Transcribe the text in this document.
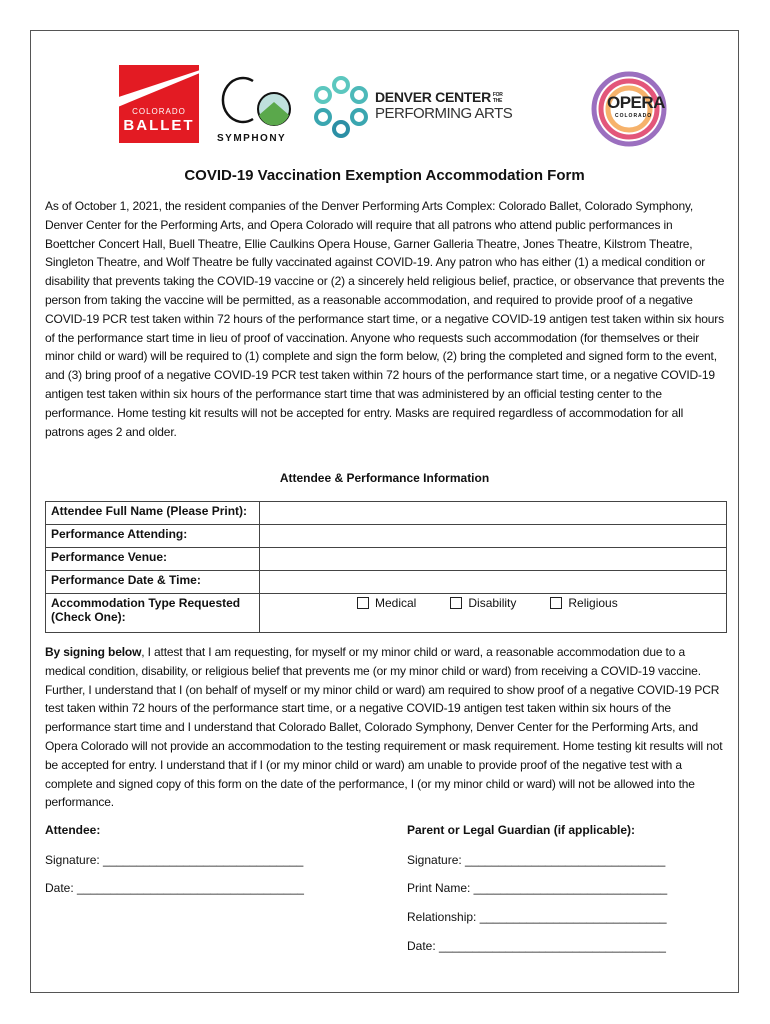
COLORADO
BALLET
SYMPHONY
DENVER CENTER FOR THE
PERFORMING ARTS
OPERA
COLORADO
COVID-19 Vaccination Exemption Accommodation Form
As of October 1, 2021, the resident companies of the Denver Performing Arts Complex: Colorado Ballet, Colorado Symphony, Denver Center for the Performing Arts, and Opera Colorado will require that all patrons who attend public performances in Boettcher Concert Hall, Buell Theatre, Ellie Caulkins Opera House, Garner Galleria Theatre, Jones Theatre, Kilstrom Theatre, Singleton Theatre, and Wolf Theatre be fully vaccinated against COVID-19. Any patron who has either (1) a medical condition or disability that prevents taking the COVID-19 vaccine or (2) a sincerely held religious belief, practice, or observance that prevents the person from taking the vaccine will be permitted, as a reasonable accommodation, and required to provide proof of a negative COVID-19 PCR test taken within 72 hours of the performance start time, or a negative COVID-19 antigen test taken within six hours of the performance start time in lieu of proof of vaccination. Anyone who requests such accommodation (for themselves or their minor child or ward) will be required to (1) complete and sign the form below, (2) bring the completed and signed form to the event, and (3) bring proof of a negative COVID-19 PCR test taken within 72 hours of the performance start time, or a negative COVID-19 antigen test taken within six hours of the performance start time that was administered by an official testing center to the performance. Home testing kit results will not be accepted for entry. Masks are required regardless of accommodation for all patrons ages 2 and older.
Attendee & Performance Information
Attendee Full Name (Please Print):	
Performance Attending:	
Performance Venue:	
Performance Date & Time:	
Accommodation Type Requested (Check One):	Medical Disability Religious
By signing below, I attest that I am requesting, for myself or my minor child or ward, a reasonable accommodation due to a medical condition, disability, or religious belief that prevents me (or my minor child or ward) from receiving a COVID-19 vaccine. Further, I understand that I (on behalf of myself or my minor child or ward) am required to show proof of a negative COVID-19 PCR test taken within 72 hours of the performance start time, or a negative COVID-19 antigen test taken within six hours of the performance start time and I understand that Colorado Ballet, Colorado Symphony, Denver Center for the Performing Arts, and Opera Colorado will not provide an accommodation to the testing requirement or mask requirement. Home testing kit results will not be accepted for entry. I understand that if I (or my minor child or ward) am unable to provide proof of the negative test with a complete and signed copy of this form on the date of the performance, I (or my minor child or ward) will not be allowed into the performance.
Attendee:
Signature: ______________________________
Date: __________________________________
Parent or Legal Guardian (if applicable):
Signature: ______________________________
Print Name: _____________________________
Relationship: ____________________________
Date: __________________________________
